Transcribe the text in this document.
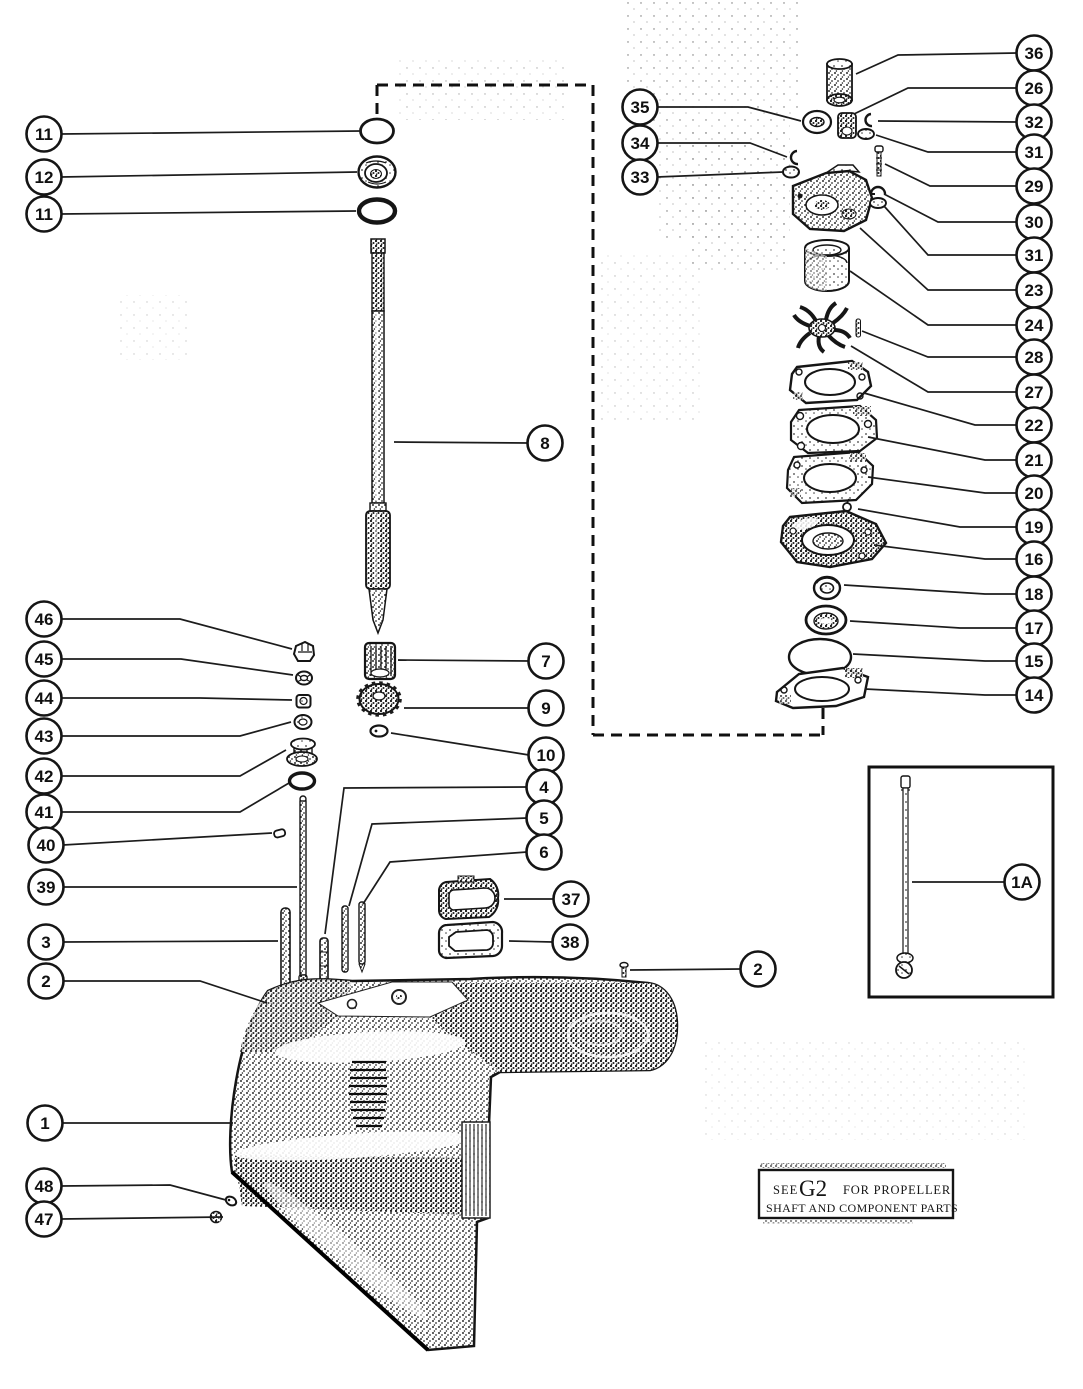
SEE G2 FOR PROPELLER
SHAFT AND COMPONENT PARTS
11
12
11
35
34
33
36
26
32
31
29
30
31
23
24
28
27
22
21
20
19
16
18
17
15
14
8
7
9
10
46
45
44
43
42
41
40
39
3
2
4
5
6
37
38
2
1
48
47
1A
